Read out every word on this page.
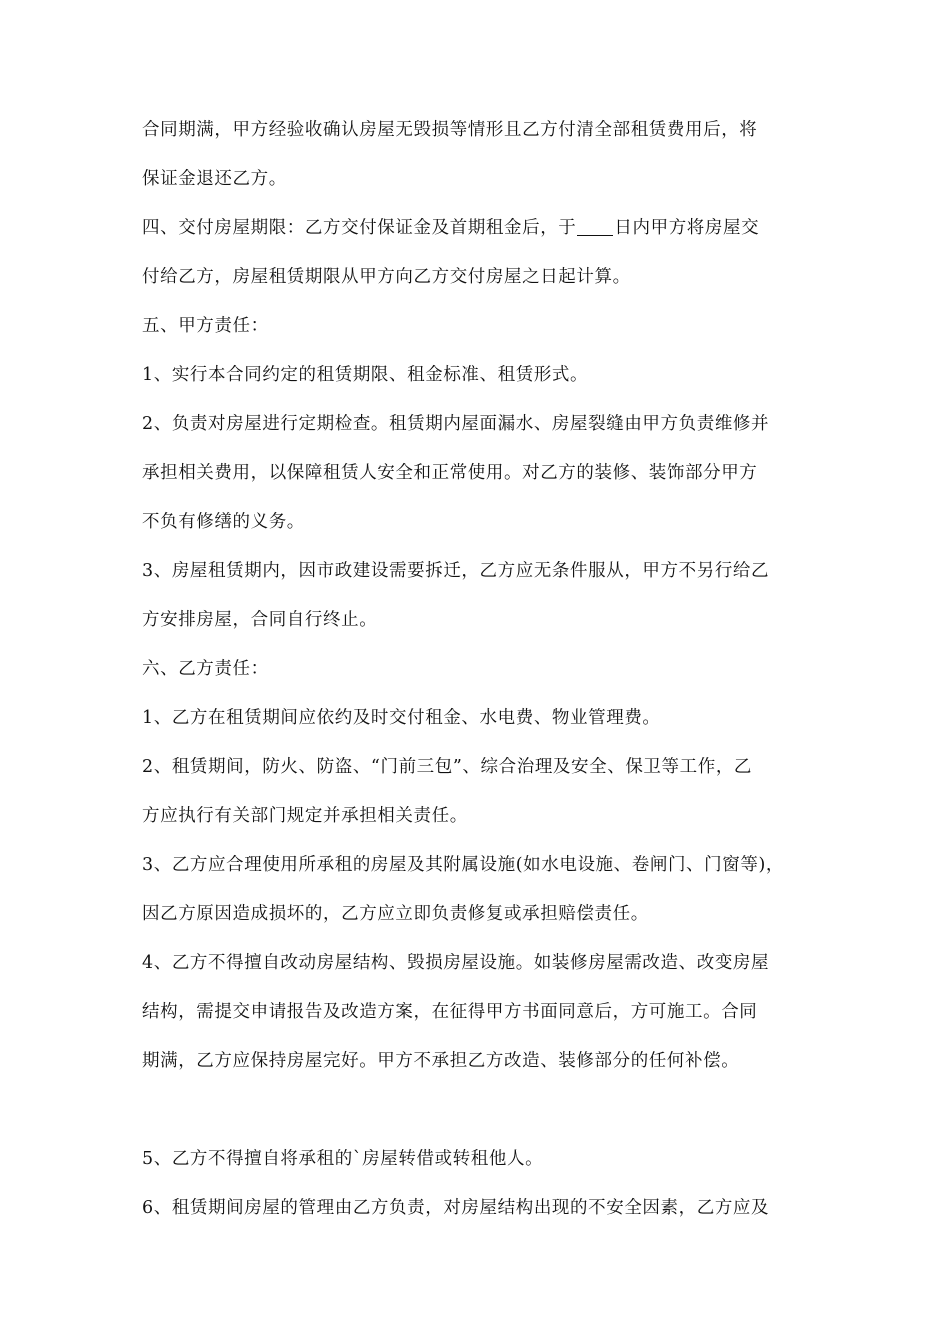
合同期满，甲方经验收确认房屋无毁损等情形且乙方付清全部租赁费用后，将
保证金退还乙方。
四、交付房屋期限：乙方交付保证金及首期租金后，于 日内甲方将房屋交
付给乙方，房屋租赁期限从甲方向乙方交付房屋之日起计算。
五、甲方责任：
1、实行本合同约定的租赁期限、租金标准、租赁形式。
2、负责对房屋进行定期检查。租赁期内屋面漏水、房屋裂缝由甲方负责维修并
承担相关费用，以保障租赁人安全和正常使用。对乙方的装修、装饰部分甲方
不负有修缮的义务。
3、房屋租赁期内，因市政建设需要拆迁，乙方应无条件服从，甲方不另行给乙
方安排房屋，合同自行终止。
六、乙方责任：
1、乙方在租赁期间应依约及时交付租金、水电费、物业管理费。
2、租赁期间，防火、防盗、“门前三包”、综合治理及安全、保卫等工作，乙
方应执行有关部门规定并承担相关责任。
3、乙方应合理使用所承租的房屋及其附属设施(如水电设施、卷闸门、门窗等)，
因乙方原因造成损坏的，乙方应立即负责修复或承担赔偿责任。
4、乙方不得擅自改动房屋结构、毁损房屋设施。如装修房屋需改造、改变房屋
结构，需提交申请报告及改造方案，在征得甲方书面同意后，方可施工。合同
期满，乙方应保持房屋完好。甲方不承担乙方改造、装修部分的任何补偿。
5、乙方不得擅自将承租的`房屋转借或转租他人。
6、租赁期间房屋的管理由乙方负责，对房屋结构出现的不安全因素，乙方应及
